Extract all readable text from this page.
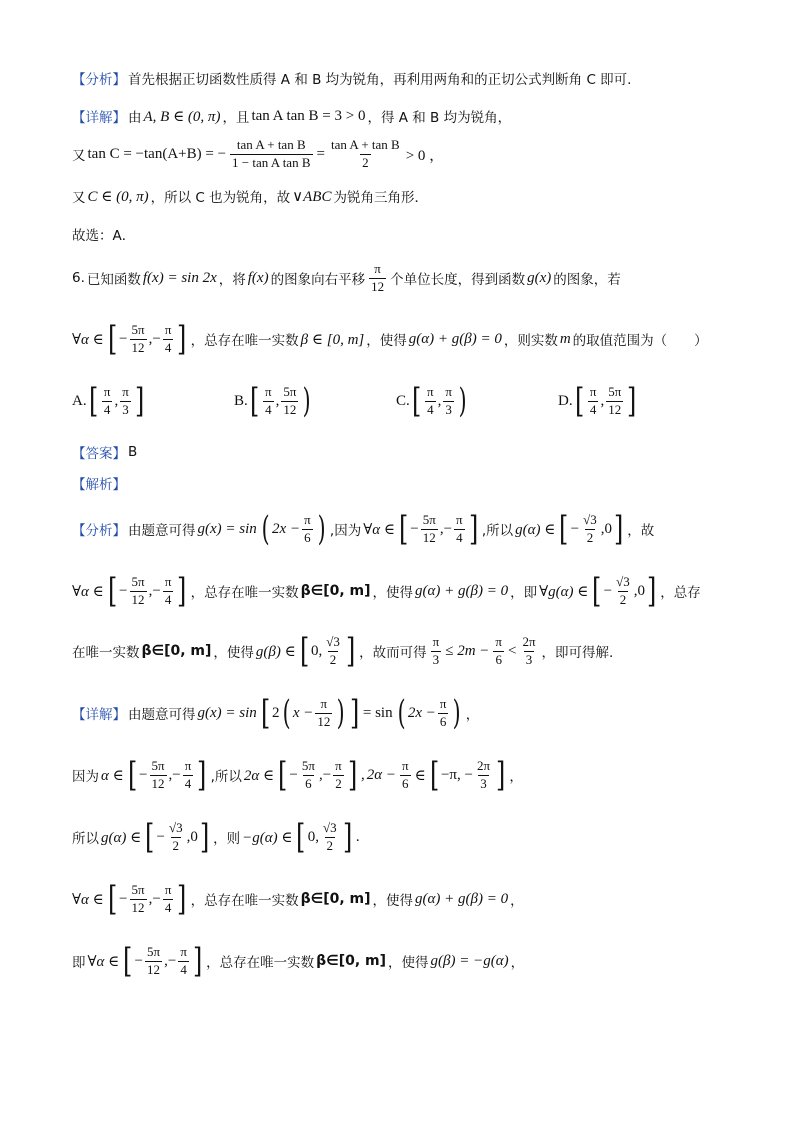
【分析】 首先根据正切函数性质得 A 和 B 均为锐角，再利用两角和的正切公式判断角 C 即可.
【详解】 由 A, B ∈ (0, π) ，且 tan A tan B = 3 > 0 ，得 A 和 B 均为锐角，
又 tan C = −tan(A+B) = − $\frac{\text{tan A + tan B}}{\text{1 − tan A tan B}} = \frac{\text{tan A + tan B}}{2} > 0$ ，
又 C ∈ (0, π) ，所以 C 也为锐角，故 ∨ABC 为锐角三角形．
故选：A．
6. 已知函数 f(x) = sin 2x ，将 f(x) 的图象向右平移 $\frac{\pi}{12}$ 个单位长度，得到函数 g(x) 的图象，若
∀α ∈ [ − $\frac{5\pi}{12}$ , − $\frac{\pi}{4}$ ] ，总存在唯一实数 β ∈ [0, m] ，使得 g(α) + g(β) = 0 ，则实数 m 的取值范围为（　　）
A. [ $\frac{\pi}{4}$ , $\frac{\pi}{3}$ ]	B. [ $\frac{\pi}{4}$ , $\frac{5\pi}{12}$ )	C. [ $\frac{\pi}{4}$ , $\frac{\pi}{3}$ )	D. [ $\frac{\pi}{4}$ , $\frac{5\pi}{12}$ ]
【答案】 B
【解析】
【分析】 由题意可得 g(x) = sin ( $2x - \frac{\pi}{6}$ ) ,因为 ∀α ∈ [ − $\frac{5\pi}{12}$ , − $\frac{\pi}{4}$ ] ,所以 g(α) ∈ [ − $\frac{√3}{2}$ , 0 ] ，故
∀α ∈ [ − $\frac{5\pi}{12}$ , − $\frac{\pi}{4}$ ] ，总存在唯一实数 β∈[0, m] ，使得 g(α) + g(β) = 0 ，即 ∀g(α) ∈ [ − $\frac{√3}{2}$ , 0 ] ，总存
在唯一实数 β∈[0, m] ，使得 g(β) ∈ [ 0 , $\frac{√3}{2}$ ] ，故而可得 $\frac{\pi}{3} \le 2m - \frac{\pi}{6} < \frac{2\pi}{3}$ ，即可得解.
【详解】 由题意可得 g(x) = sin [ 2 ( $x - \frac{\pi}{12}$ ) ] = sin ( $2x - \frac{\pi}{6}$ ) ，
因为 α ∈ [ − $\frac{5\pi}{12}$ , − $\frac{\pi}{4}$ ] ,所以 2α ∈ [ − $\frac{5\pi}{6}$ , − $\frac{\pi}{2}$ ] , $2\alpha - \frac{\pi}{6}$ ∈ [ −π, − $\frac{2\pi}{3}$ ] ，
所以 g(α) ∈ [ − $\frac{√3}{2}$ , 0 ] ，则 −g(α) ∈ [ 0 , $\frac{√3}{2}$ ] .
∀α ∈ [ − $\frac{5\pi}{12}$ , − $\frac{\pi}{4}$ ] ，总存在唯一实数 β∈[0, m] ，使得 g(α) + g(β) = 0 ，
即 ∀α ∈ [ − $\frac{5\pi}{12}$ , − $\frac{\pi}{4}$ ] ，总存在唯一实数 β∈[0, m] ，使得 g(β) = −g(α) ，
